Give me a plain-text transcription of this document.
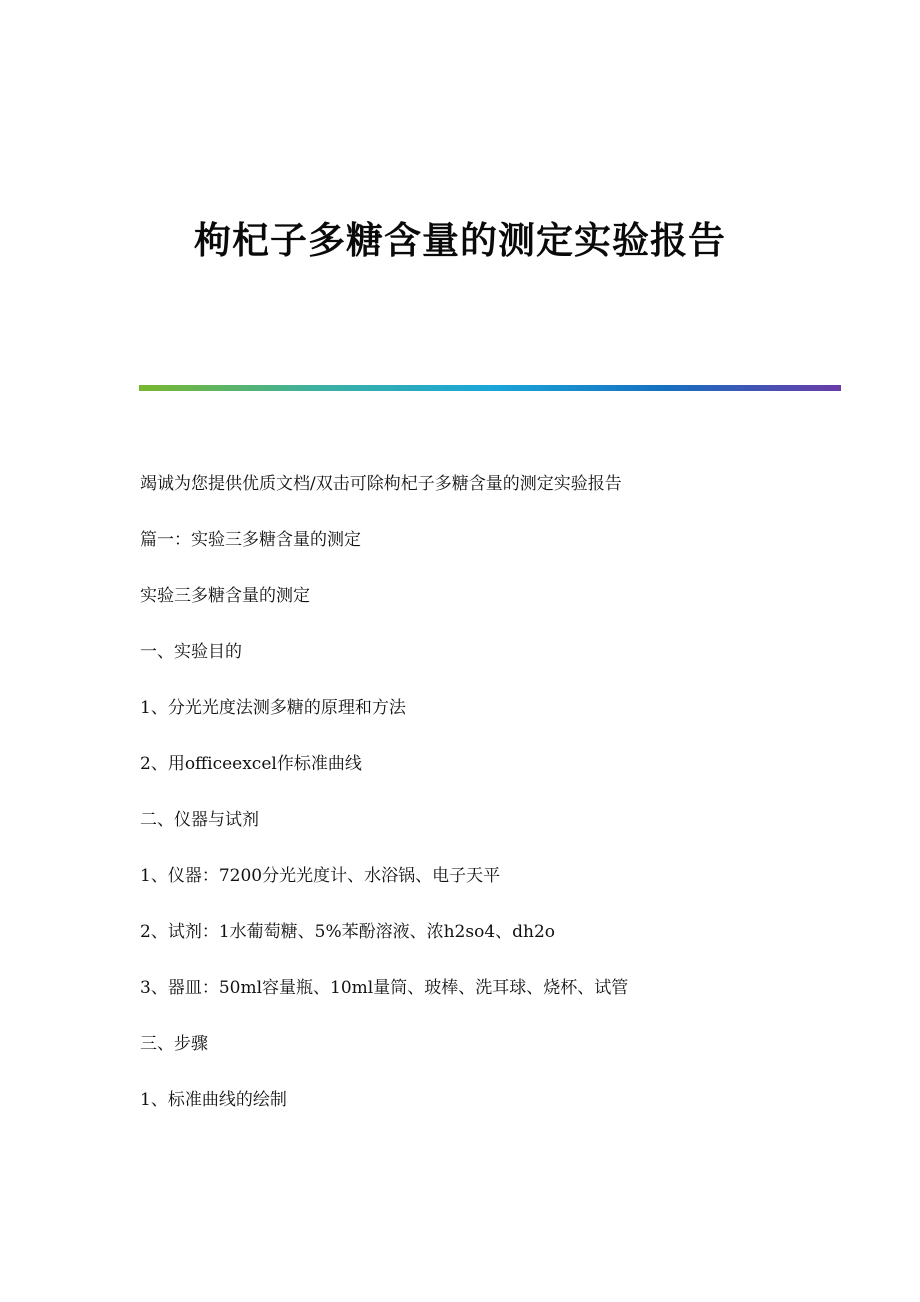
枸杞子多糖含量的测定实验报告
竭诚为您提供优质文档/双击可除枸杞子多糖含量的测定实验报告
篇一：实验三多糖含量的测定
实验三多糖含量的测定
一、实验目的
1、分光光度法测多糖的原理和方法
2、用officeexcel作标准曲线
二、仪器与试剂
1、仪器：7200分光光度计、水浴锅、电子天平
2、试剂：1水葡萄糖、5%苯酚溶液、浓h2so4、dh2o
3、器皿：50ml容量瓶、10ml量筒、玻棒、洗耳球、烧杯、试管
三、步骤
1、标准曲线的绘制
